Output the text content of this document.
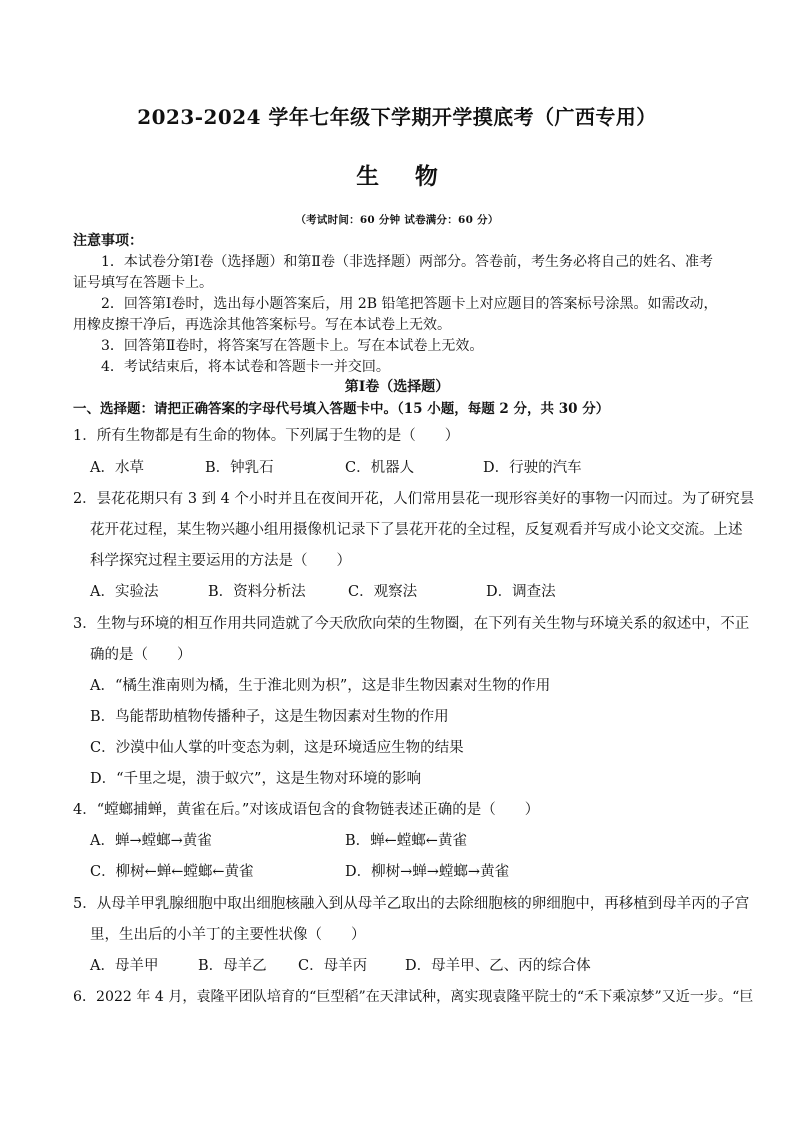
2023-2024 学年七年级下学期开学摸底考（广西专用）
生 物
（考试时间：60 分钟 试卷满分：60 分）
注意事项：
1．本试卷分第Ⅰ卷（选择题）和第Ⅱ卷（非选择题）两部分。答卷前，考生务必将自己的姓名、准考
证号填写在答题卡上。
2．回答第Ⅰ卷时，选出每小题答案后，用 2B 铅笔把答题卡上对应题目的答案标号涂黑。如需改动，
用橡皮擦干净后，再选涂其他答案标号。写在本试卷上无效。
3．回答第Ⅱ卷时，将答案写在答题卡上。写在本试卷上无效。
4．考试结束后，将本试卷和答题卡一并交回。
第Ⅰ卷（选择题）
一、选择题：请把正确答案的字母代号填入答题卡中。（15 小题，每题 2 分，共 30 分）
1．所有生物都是有生命的物体。下列属于生物的是（　　）
A．水草	B．钟乳石	C．机器人	D．行驶的汽车
2．昙花花期只有 3 到 4 个小时并且在夜间开花，人们常用昙花一现形容美好的事物一闪而过。为了研究昙
花开花过程，某生物兴趣小组用摄像机记录下了昙花开花的全过程，反复观看并写成小论文交流。上述
科学探究过程主要运用的方法是（　　）
A．实验法	B．资料分析法	C．观察法	D．调查法
3．生物与环境的相互作用共同造就了今天欣欣向荣的生物圈，在下列有关生物与环境关系的叙述中，不正
确的是（　　）
A．“橘生淮南则为橘，生于淮北则为枳”，这是非生物因素对生物的作用
B．鸟能帮助植物传播种子，这是生物因素对生物的作用
C．沙漠中仙人掌的叶变态为刺，这是环境适应生物的结果
D．“千里之堤，溃于蚁穴”，这是生物对环境的影响
4．“螳螂捕蝉，黄雀在后。”对该成语包含的食物链表述正确的是（　　）
A．蝉→螳螂→黄雀	B．蝉←螳螂←黄雀
C．柳树←蝉←螳螂←黄雀	D．柳树→蝉→螳螂→黄雀
5．从母羊甲乳腺细胞中取出细胞核融入到从母羊乙取出的去除细胞核的卵细胞中，再移植到母羊丙的子宫
里，生出后的小羊丁的主要性状像（　　）
A．母羊甲	B．母羊乙 C．母羊丙	D．母羊甲、乙、丙的综合体
6．2022 年 4 月，袁隆平团队培育的“巨型稻”在天津试种，离实现袁隆平院士的“禾下乘凉梦”又近一步。“巨
